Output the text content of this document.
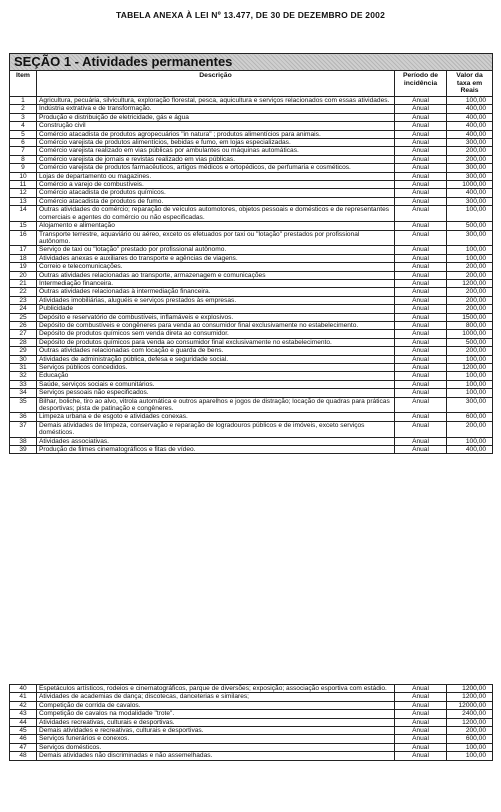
TABELA ANEXA À LEI Nº 13.477, DE 30 DE DEZEMBRO DE 2002
SEÇÃO 1 - Atividades permanentes			
Item	Descrição	Período de incidência	Valor da taxa em Reais
1	Agricultura, pecuária, silvicultura, exploração florestal, pesca, aquicultura e serviços relacionados com essas atividades.	Anual	100,00
2	Indústria extrativa e de transformação.	Anual	400,00
3	Produção e distribuição de eletricidade, gás e água	Anual	400,00
4	Construção civil	Anual	400,00
5	Comércio atacadista de produtos agropecuários "in natura" ; produtos alimentícios para animais.	Anual	400,00
6	Comércio varejista de produtos alimentícios, bebidas e fumo, em lojas especializadas.	Anual	300,00
7	Comércio varejista realizado em vias públicas por ambulantes ou máquinas automáticas.	Anual	200,00
8	Comércio varejista de jornais e revistas realizado em vias públicas.	Anual	200,00
9	Comércio varejista de produtos farmacêuticos, artigos médicos e ortopédicos, de perfumaria e cosméticos.	Anual	300,00
10	Lojas de departamento ou magazines.	Anual	300,00
11	Comércio a varejo de combustíveis.	Anual	1000,00
12	Comércio atacadista de produtos químicos.	Anual	400,00
13	Comércio atacadista de produtos de fumo.	Anual	300,00
14	Outras atividades do comércio; reparação de veículos automotores, objetos pessoais e domésticos e de representantes comerciais e agentes do comércio ou não especificadas.	Anual	100,00
15	Alojamento e alimentação	Anual	500,00
16	Transporte terrestre, aquaviário ou aéreo, exceto os efetuados por taxi ou "lotação" prestados por profissional autônomo.	Anual	300,00
17	Serviço de taxi ou "lotação" prestado por profissional autônomo.	Anual	100,00
18	Atividades anexas e auxiliares do transporte e agências de viagens.	Anual	100,00
19	Correio e telecomunicações.	Anual	200,00
20	Outras atividades relacionadas ao transporte, armazenagem e comunicações	Anual	200,00
21	Intermediação financeira.	Anual	1200,00
22	Outras atividades relacionadas à intermediação financeira.	Anual	200,00
23	Atividades imobiliárias, aluguéis e serviços prestados às empresas.	Anual	200,00
24	Publicidade	Anual	200,00
25	Depósito e reservatório de combustíveis, inflamáveis e explosivos.	Anual	1500,00
26	Depósito de combustíveis e congêneres para venda ao consumidor final exclusivamente no estabelecimento.	Anual	800,00
27	Depósito de produtos químicos sem venda direta ao consumidor.	Anual	1000,00
28	Depósito de produtos químicos para venda ao consumidor final exclusivamente no estabelecimento.	Anual	500,00
29	Outras atividades relacionadas com locação e guarda de bens.	Anual	200,00
30	Atividades de administração pública, defesa e seguridade social.	Anual	100,00
31	Serviços públicos concedidos.	Anual	1200,00
32	Educação	Anual	100,00
33	Saúde, serviços sociais e comunitários.	Anual	100,00
34	Serviços pessoais não especificados.	Anual	100,00
35	Bilhar, boliche, tiro ao alvo, vitrola automática e outros aparelhos e jogos de distração; locação de quadras para práticas desportivas; pista de patinação e congêneres.	Anual	300,00
36	Limpeza urbana e de esgoto e atividades conexas.	Anual	600,00
37	Demais atividades de limpeza, conservação e reparação de logradouros públicos e de imóveis, exceto serviços domésticos.	Anual	200,00
38	Atividades associativas.	Anual	100,00
39	Produção de filmes cinematográficos e fitas de vídeo.	Anual	400,00
40	Espetáculos artísticos, rodeios e cinematográficos, parque de diversões; exposição; associação esportiva com estádio.	Anual	1200,00
41	Atividades de academias de dança; discotecas, danceterias e similares;	Anual	1200,00
42	Competição de corrida de cavalos.	Anual	12000,00
43	Competição de cavalos na modalidade "trote".	Anual	2400,00
44	Atividades recreativas, culturais e desportivas.	Anual	1200,00
45	Demais atividades e recreativas, culturais e desportivas.	Anual	200,00
46	Serviços funerários e conexos.	Anual	600,00
47	Serviços domésticos.	Anual	100,00
48	Demais atividades não discriminadas e não assemelhadas.	Anual	100,00
